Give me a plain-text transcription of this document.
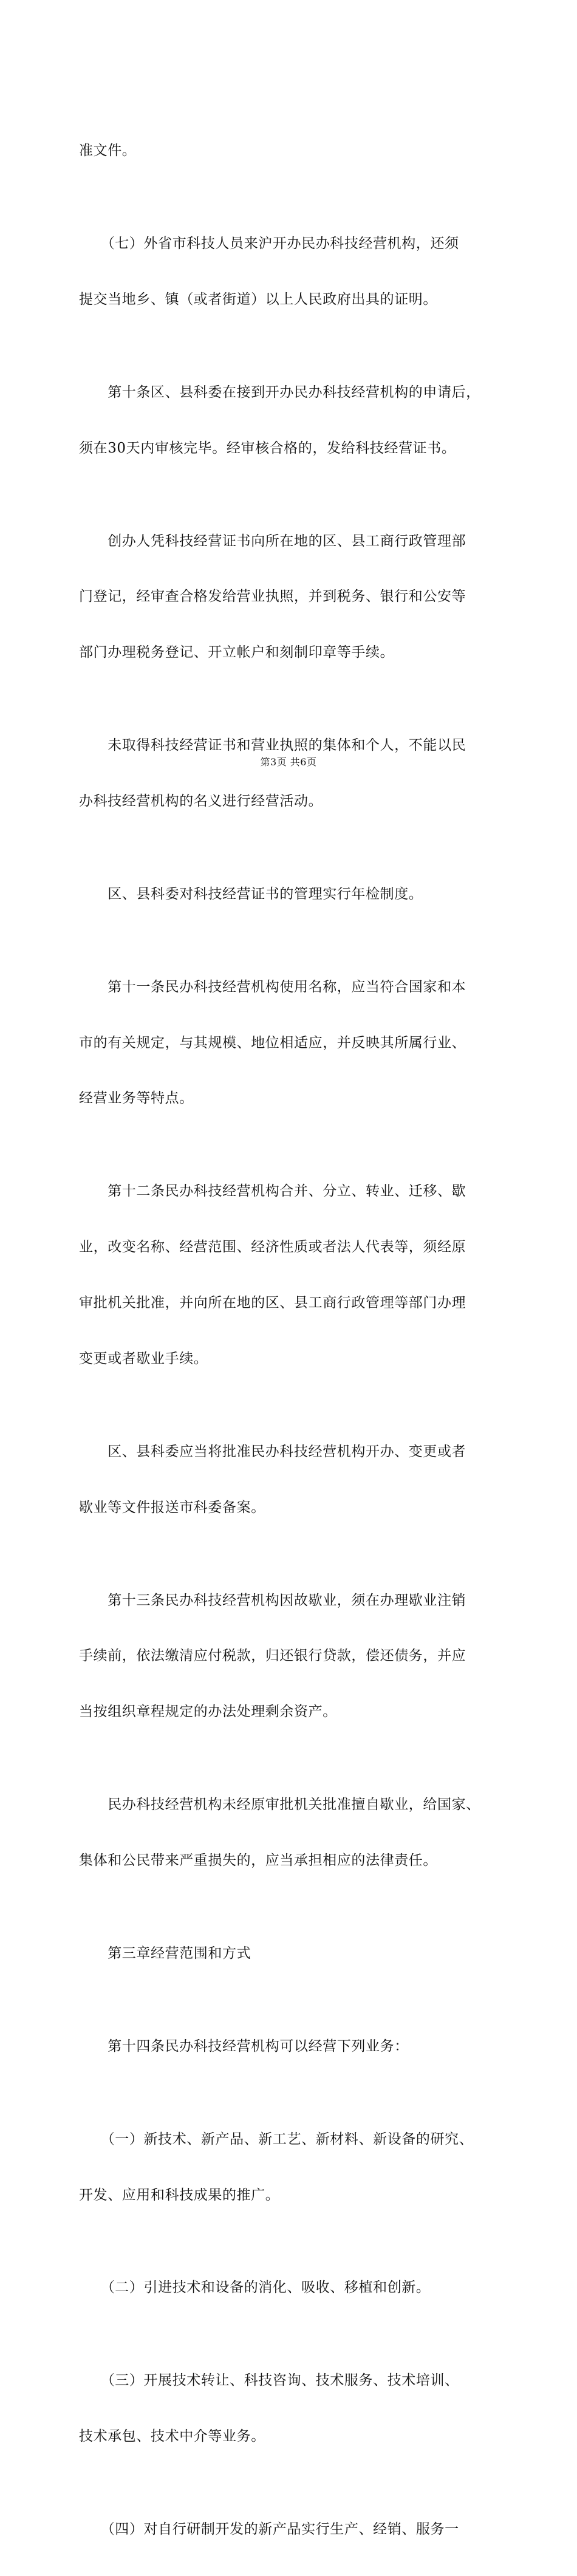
准文件。

　　（七）外省市科技人员来沪开办民办科技经营机构，还须

提交当地乡、镇（或者街道）以上人民政府出具的证明。

　　第十条区、县科委在接到开办民办科技经营机构的申请后，

须在30天内审核完毕。经审核合格的，发给科技经营证书。

　　创办人凭科技经营证书向所在地的区、县工商行政管理部

门登记，经审查合格发给营业执照，并到税务、银行和公安等

部门办理税务登记、开立帐户和刻制印章等手续。

　　未取得科技经营证书和营业执照的集体和个人，不能以民

办科技经营机构的名义进行经营活动。

　　区、县科委对科技经营证书的管理实行年检制度。

　　第十一条民办科技经营机构使用名称，应当符合国家和本

市的有关规定，与其规模、地位相适应，并反映其所属行业、

经营业务等特点。

　　第十二条民办科技经营机构合并、分立、转业、迁移、歇

业，改变名称、经营范围、经济性质或者法人代表等，须经原

审批机关批准，并向所在地的区、县工商行政管理等部门办理

变更或者歇业手续。

　　区、县科委应当将批准民办科技经营机构开办、变更或者

歇业等文件报送市科委备案。

　　第十三条民办科技经营机构因故歇业，须在办理歇业注销

手续前，依法缴清应付税款，归还银行贷款，偿还债务，并应

当按组织章程规定的办法处理剩余资产。

　　民办科技经营机构未经原审批机关批准擅自歇业，给国家、

集体和公民带来严重损失的，应当承担相应的法律责任。

　　第三章经营范围和方式

　　第十四条民办科技经营机构可以经营下列业务：

　　（一）新技术、新产品、新工艺、新材料、新设备的研究、

开发、应用和科技成果的推广。

　　（二）引进技术和设备的消化、吸收、移植和创新。

　　（三）开展技术转让、科技咨询、技术服务、技术培训、

技术承包、技术中介等业务。

　　（四）对自行研制开发的新产品实行生产、经销、服务一

第3页 共6页
